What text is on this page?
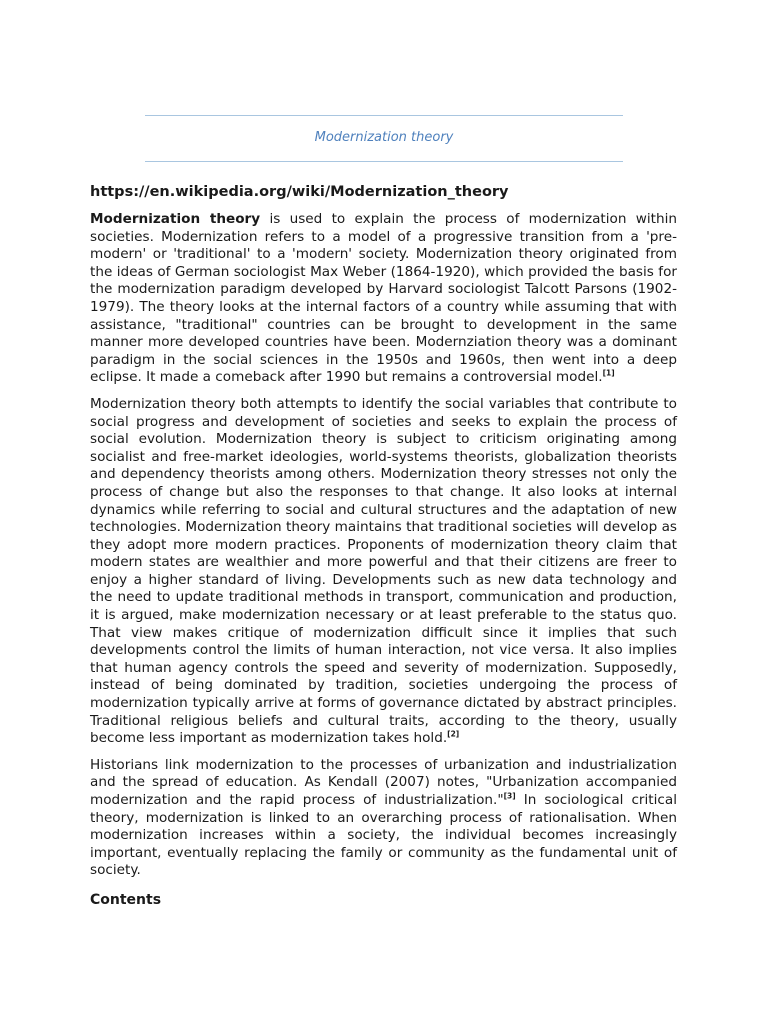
Modernization theory

https://en.wikipedia.org/wiki/Modernization_theory

Modernization theory is used to explain the process of modernization within societies. Modernization refers to a model of a progressive transition from a 'pre-modern' or 'traditional' to a 'modern' society. Modernization theory originated from the ideas of German sociologist Max Weber (1864-1920), which provided the basis for the modernization paradigm developed by Harvard sociologist Talcott Parsons (1902-1979). The theory looks at the internal factors of a country while assuming that with assistance, "traditional" countries can be brought to development in the same manner more developed countries have been. Modernziation theory was a dominant paradigm in the social sciences in the 1950s and 1960s, then went into a deep eclipse. It made a comeback after 1990 but remains a controversial model.[1]

Modernization theory both attempts to identify the social variables that contribute to social progress and development of societies and seeks to explain the process of social evolution. Modernization theory is subject to criticism originating among socialist and free-market ideologies, world-systems theorists, globalization theorists and dependency theorists among others. Modernization theory stresses not only the process of change but also the responses to that change. It also looks at internal dynamics while referring to social and cultural structures and the adaptation of new technologies. Modernization theory maintains that traditional societies will develop as they adopt more modern practices. Proponents of modernization theory claim that modern states are wealthier and more powerful and that their citizens are freer to enjoy a higher standard of living. Developments such as new data technology and the need to update traditional methods in transport, communication and production, it is argued, make modernization necessary or at least preferable to the status quo. That view makes critique of modernization difficult since it implies that such developments control the limits of human interaction, not vice versa. It also implies that human agency controls the speed and severity of modernization. Supposedly, instead of being dominated by tradition, societies undergoing the process of modernization typically arrive at forms of governance dictated by abstract principles. Traditional religious beliefs and cultural traits, according to the theory, usually become less important as modernization takes hold.[2]

Historians link modernization to the processes of urbanization and industrialization and the spread of education. As Kendall (2007) notes, "Urbanization accompanied modernization and the rapid process of industrialization."[3] In sociological critical theory, modernization is linked to an overarching process of rationalisation. When modernization increases within a society, the individual becomes increasingly important, eventually replacing the family or community as the fundamental unit of society.

Contents
